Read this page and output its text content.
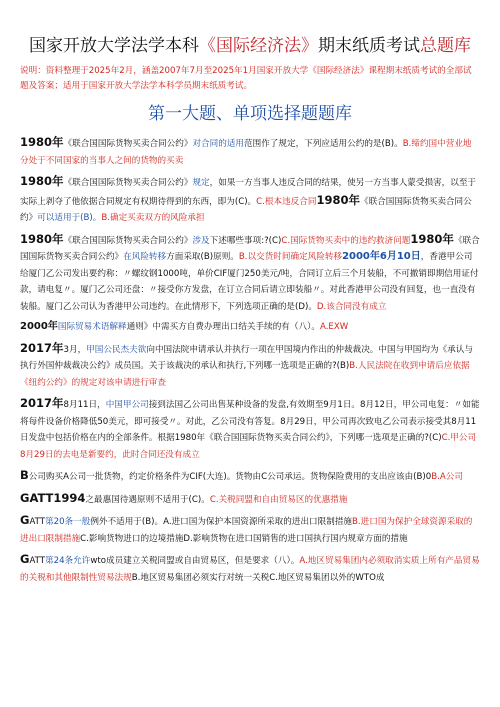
国家开放大学法学本科《国际经济法》期末纸质考试总题库
说明：资料整理于2025年2月，涵盖2007年7月至2025年1月国家开放大学《国际经济法》课程期末纸质考试的全部试题及答案；适用于国家开放大学法学本科学员期末纸质考试。
第一大题、单项选择题题库
1980年《联合国国际货物买卖合同公约》对合同的适用范围作了规定，下列应适用公约的是(B)。B.缔约国中营业地分处于不同国家的当事人之间的货物的买卖
1980年《联合国国际货物买卖合同公约》规定，如果一方当事人违反合同的结果，使另一方当事人蒙受损害，以至于实际上剥夺了他依据合同规定有权期待得到的东西，即为(C)。C.根本违反合同1980年《联合国国际货物买卖合同公约》可以适用于(B)。B.确定买卖双方的风险承担
1980年《联合国国际货物买卖合同公约》涉及下述哪些事项:?(C)C.国际货物买卖中的违约救济问题1980年《联合国国际货物买卖合同公约》在风险转移方面采取(B)原则。B.以交货时间确定风险转移2000年6月10日，香港甲公司给厦门乙公司发出要约称：〃螺纹钢1000吨，单价CIF厦门250美元/吨，合同订立后三个月装船，不可撤销即期信用证付款，请电复〃。厦门乙公司还盘：〃接受你方发盘，在订立合同后请立即装船〃。对此香港甲公司没有回复，也一直没有装船。厦门乙公司认为香港甲公司违约。在此情形下，下列选项正确的是(D)。D.该合同没有成立
2000年国际贸易术语解释通则》中需买方自费办理出口结关手续的有（八）。A.EXW
2017年3月，甲国公民杰夫欲向中国法院申请承认并执行一项在甲国境内作出的仲裁裁决。中国与甲国均为《承认与执行外国仲裁裁决公约》成员国。关于该裁决的承认和执行,下列哪一选项是正确的?(B)B.人民法院在收到申请后应依据《纽约公约》的规定对该申请进行审查
2017年8月11日，中国甲公司接到法国乙公司出售某种设备的发盘,有效期至9月1日。8月12日，甲公司电复：〃如能将每件设备价格降低50美元，即可接受〃。对此，乙公司没有答复。8月29日，甲公司再次致电乙公司表示接受其8月11日发盘中包括价格在内的全部条件。根据1980年《联合国国际货物买卖合同公约》，下列哪一选项是正确的?(C)C.甲公司8月29日的去电是新要约，此时合同还没有成立
B公司购买A公司一批货物，约定价格条件为CIF(大连)。货物由C公司承运。货物保险费用的支出应该由(B)0B.A公司
GATT1994之最惠国待遇原则不适用于(C)。C.关税同盟和自由贸易区的优惠措施
GATT第20条一般例外不适用于(B)。A.进口国为保护本国资源所采取的进出口限制措施B.进口国为保护全球资源采取的进出口限制措施C.影响货物进口的边境措施D.影响货物在进口国销售的进口国执行国内规章方面的措施
GATT第24条允许wto成员建立关税同盟或自由贸易区，但是要求（八）。A.地区贸易集团内必须取消实质上所有产品贸易的关税和其他限制性贸易法规B.地区贸易集团必须实行对统一关税C.地区贸易集团以外的WTO成
